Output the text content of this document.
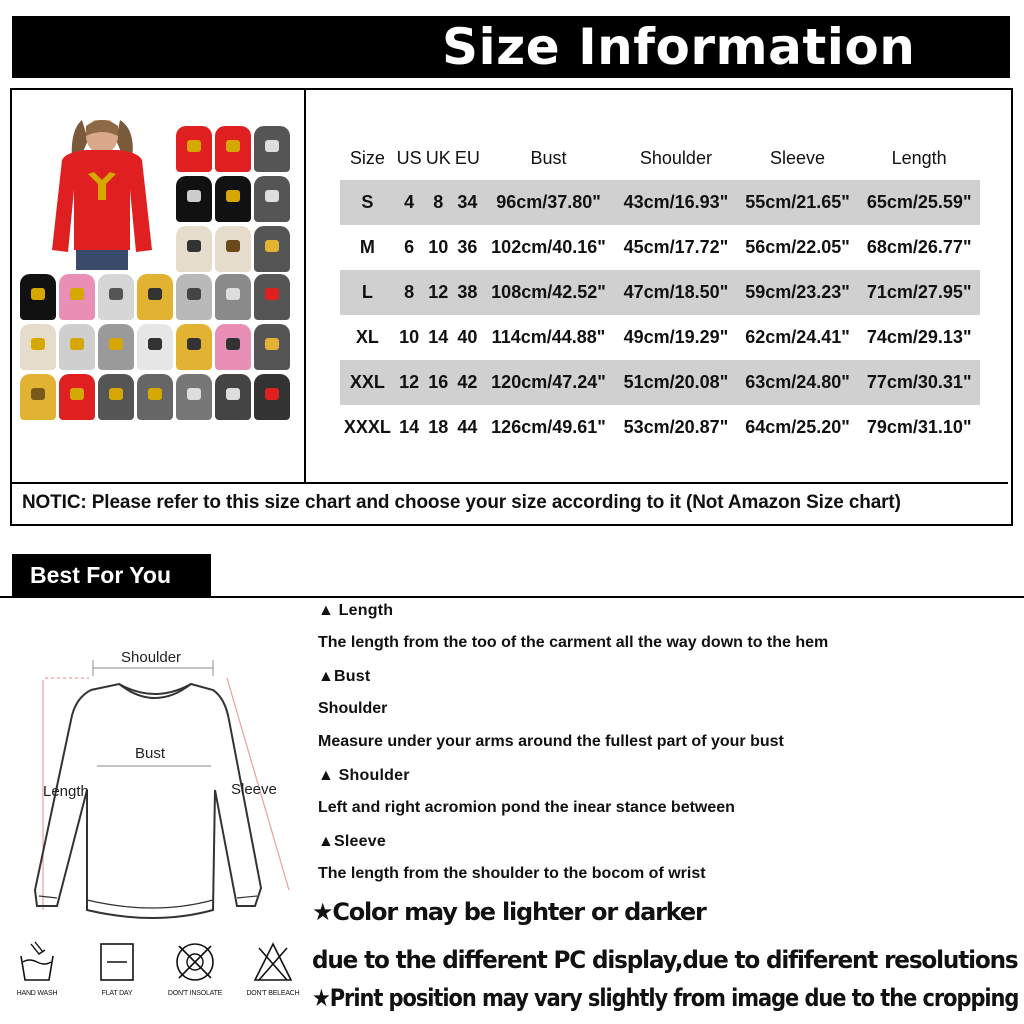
Size Information
Size	US	UK	EU	Bust	Shoulder	Sleeve	Length
S	4	8	34	96cm/37.80"	43cm/16.93"	55cm/21.65"	65cm/25.59"
M	6	10	36	102cm/40.16"	45cm/17.72"	56cm/22.05"	68cm/26.77"
L	8	12	38	108cm/42.52"	47cm/18.50"	59cm/23.23"	71cm/27.95"
XL	10	14	40	114cm/44.88"	49cm/19.29"	62cm/24.41"	74cm/29.13"
XXL	12	16	42	120cm/47.24"	51cm/20.08"	63cm/24.80"	77cm/30.31"
XXXL	14	18	44	126cm/49.61"	53cm/20.87"	64cm/25.20"	79cm/31.10"
NOTIC: Please refer to this size chart and choose your size according to it (Not Amazon Size chart)
Best For You
Shoulder
Bust
Length	Sleeve
HAND WASH	FLAT DAY	DON'T INSOLATE	DON'T BELEACH
▲ Length
The length from the too of the carment all the way down to the hem
▲Bust
Shoulder
Measure under your arms around the fullest part of your bust
▲ Shoulder
Left and right acromion pond the inear stance between
▲Sleeve
The length from the shoulder to the bocom of wrist
★Color may be lighter or darker
due to the different PC display,due to dififerent resolutions
★Print position may vary slightly from image due to the cropping
